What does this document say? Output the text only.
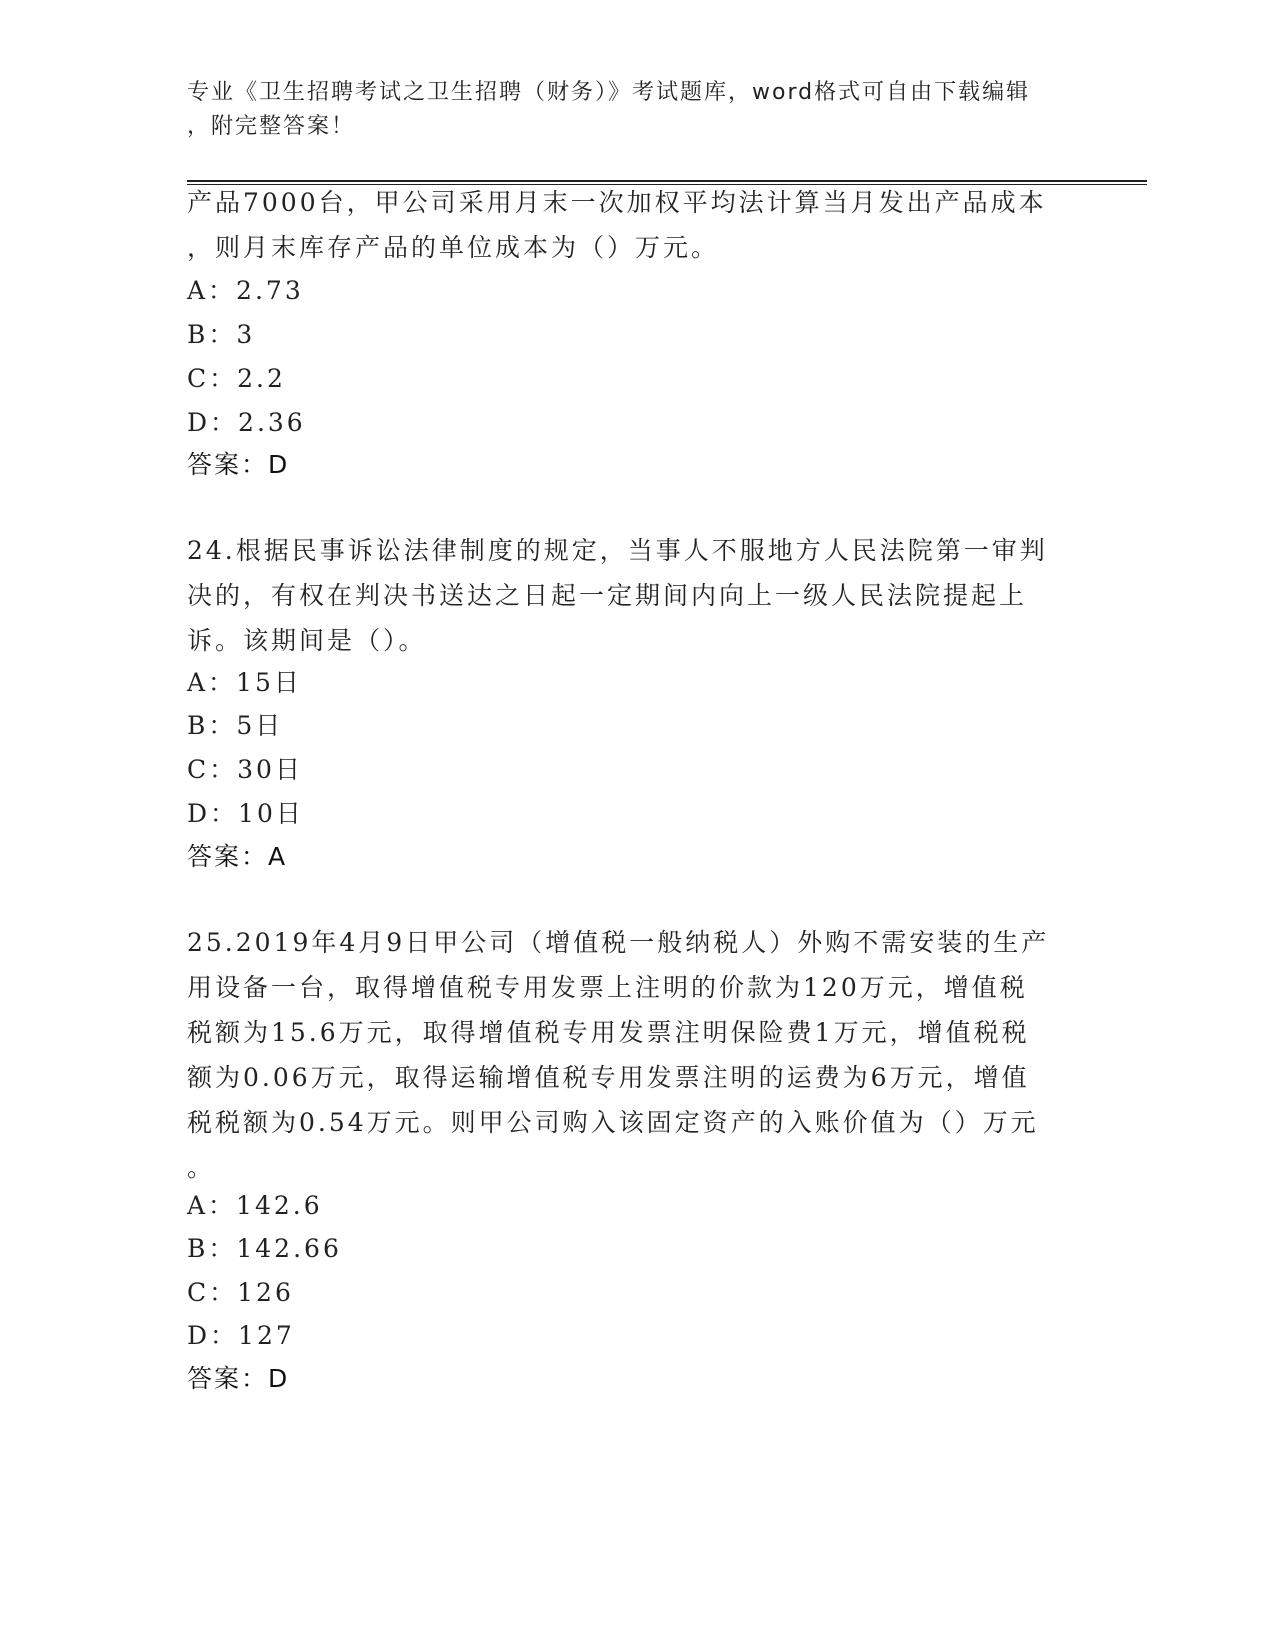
专业《卫生招聘考试之卫生招聘（财务）》考试题库，word格式可自由下载编辑
，附完整答案！
产品7000台，甲公司采用月末一次加权平均法计算当月发出产品成本
，则月末库存产品的单位成本为（）万元。
A：2.73
B：3
C：2.2
D：2.36
答案：D
24.根据民事诉讼法律制度的规定，当事人不服地方人民法院第一审判
决的，有权在判决书送达之日起一定期间内向上一级人民法院提起上
诉。该期间是（）。
A：15日
B：5日
C：30日
D：10日
答案：A
25.2019年4月9日甲公司（增值税一般纳税人）外购不需安装的生产
用设备一台，取得增值税专用发票上注明的价款为120万元，增值税
税额为15.6万元，取得增值税专用发票注明保险费1万元，增值税税
额为0.06万元，取得运输增值税专用发票注明的运费为6万元，增值
税税额为0.54万元。则甲公司购入该固定资产的入账价值为（）万元
。
A：142.6
B：142.66
C：126
D：127
答案：D
